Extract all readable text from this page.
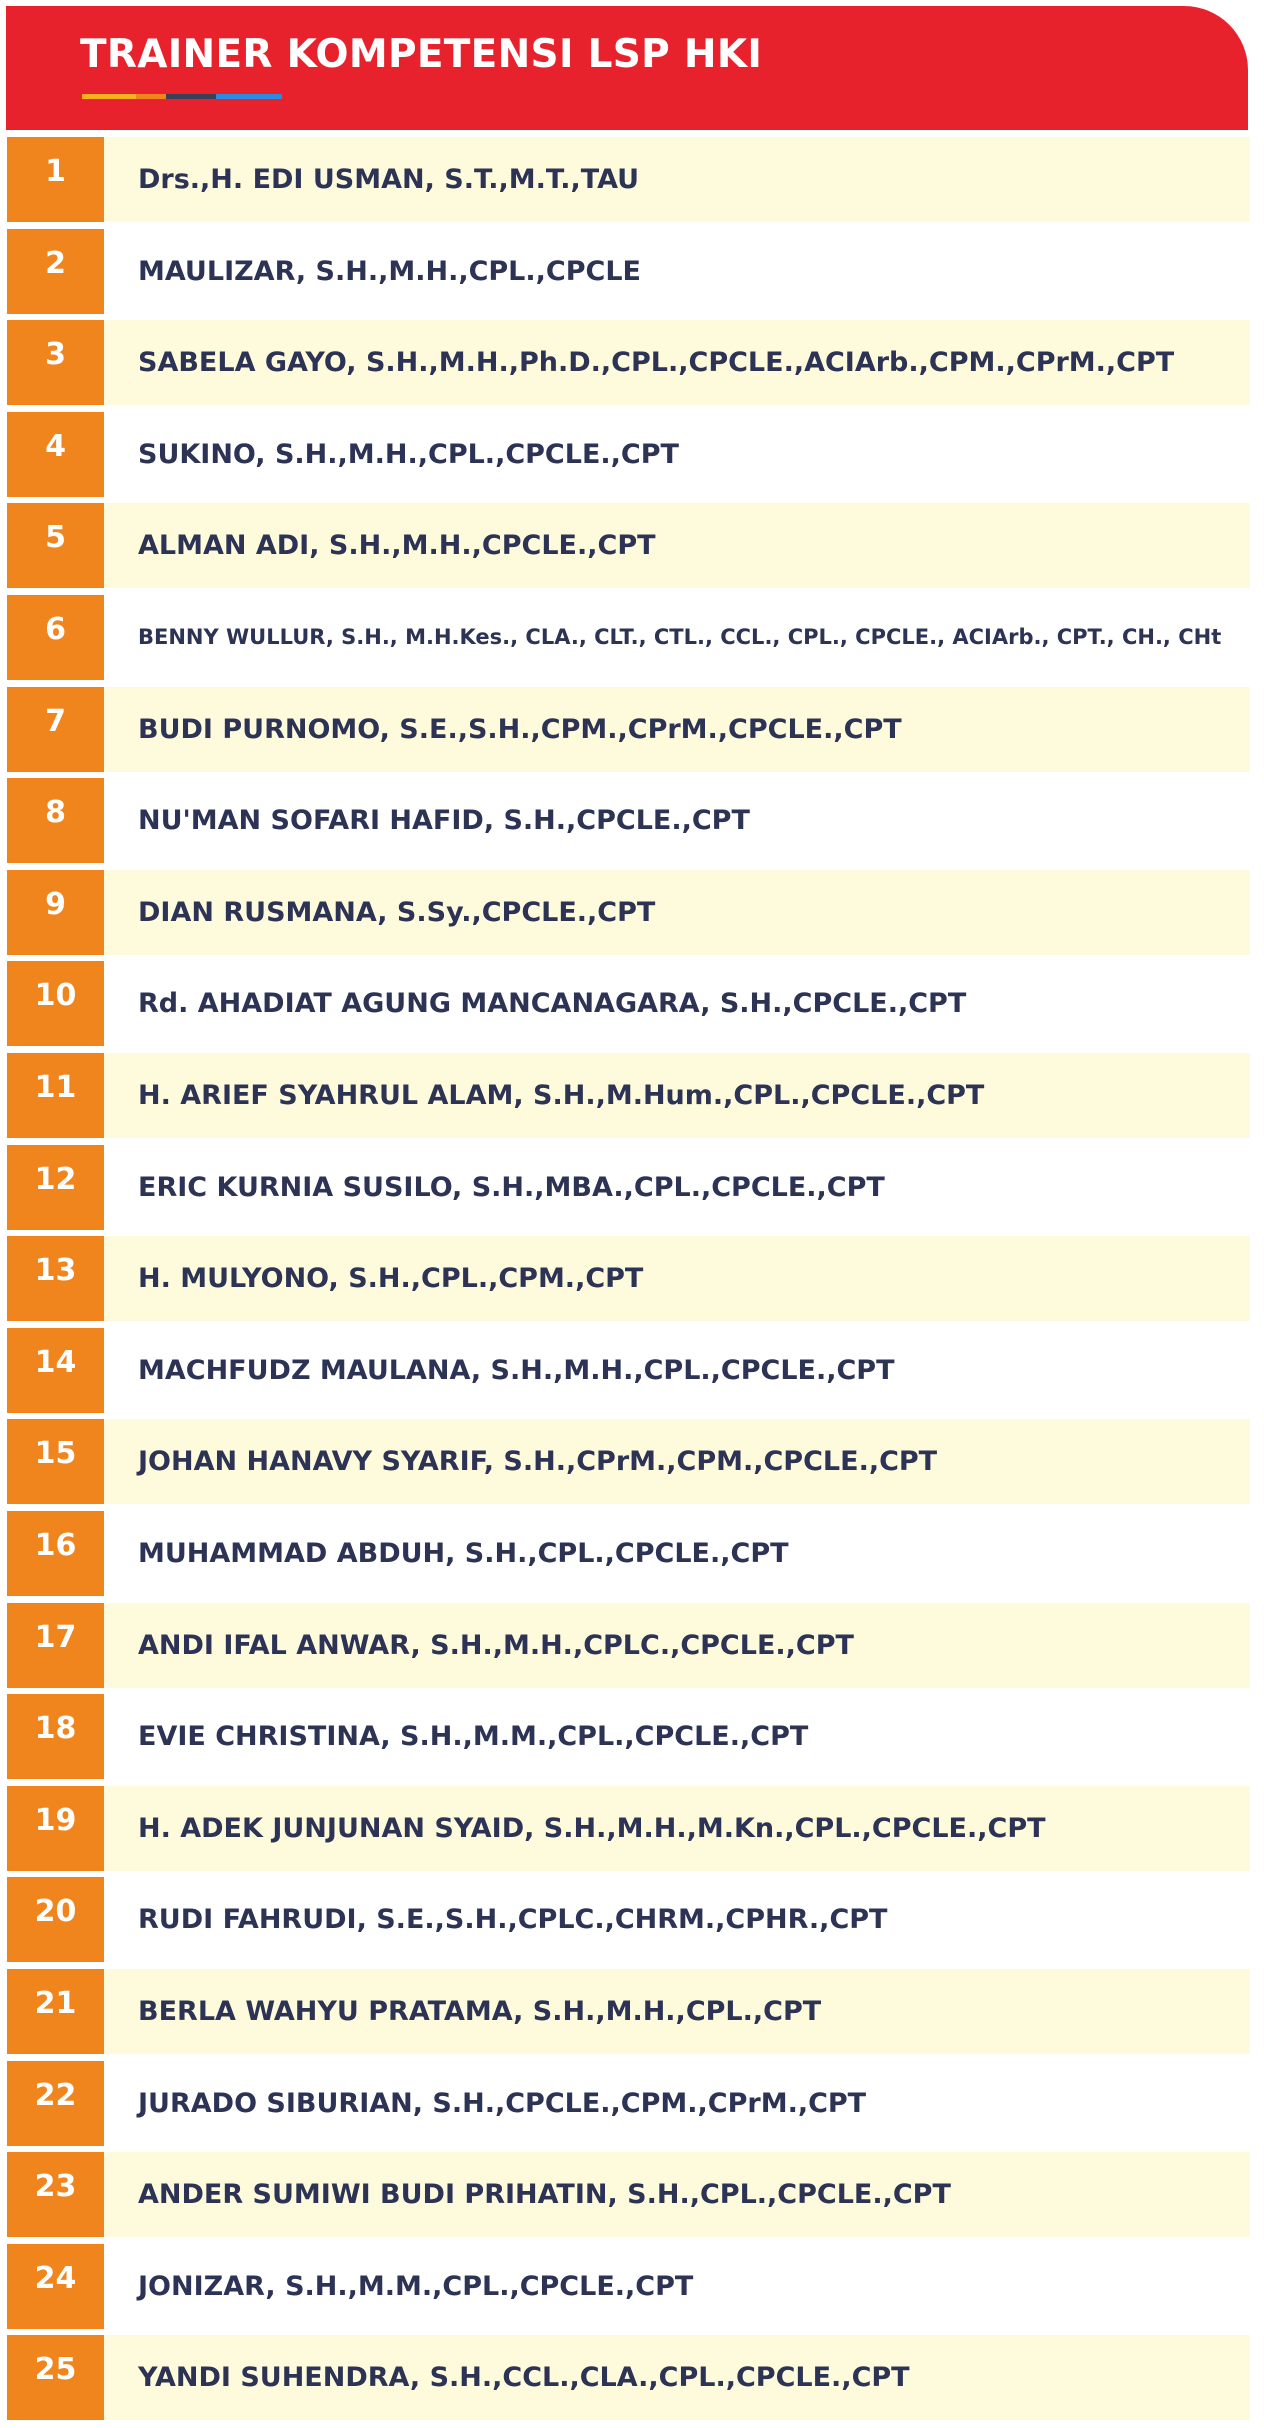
TRAINER KOMPETENSI LSP HKI
1	Drs.,H. EDI USMAN, S.T.,M.T.,TAU
2	MAULIZAR, S.H.,M.H.,CPL.,CPCLE
3	SABELA GAYO, S.H.,M.H.,Ph.D.,CPL.,CPCLE.,ACIArb.,CPM.,CPrM.,CPT
4	SUKINO, S.H.,M.H.,CPL.,CPCLE.,CPT
5	ALMAN ADI, S.H.,M.H.,CPCLE.,CPT
6	BENNY WULLUR, S.H., M.H.Kes., CLA., CLT., CTL., CCL., CPL., CPCLE., ACIArb., CPT., CH., CHt
7	BUDI PURNOMO, S.E.,S.H.,CPM.,CPrM.,CPCLE.,CPT
8	NU'MAN SOFARI HAFID, S.H.,CPCLE.,CPT
9	DIAN RUSMANA, S.Sy.,CPCLE.,CPT
10	Rd. AHADIAT AGUNG MANCANAGARA, S.H.,CPCLE.,CPT
11	H. ARIEF SYAHRUL ALAM, S.H.,M.Hum.,CPL.,CPCLE.,CPT
12	ERIC KURNIA SUSILO, S.H.,MBA.,CPL.,CPCLE.,CPT
13	H. MULYONO, S.H.,CPL.,CPM.,CPT
14	MACHFUDZ MAULANA, S.H.,M.H.,CPL.,CPCLE.,CPT
15	JOHAN HANAVY SYARIF, S.H.,CPrM.,CPM.,CPCLE.,CPT
16	MUHAMMAD ABDUH, S.H.,CPL.,CPCLE.,CPT
17	ANDI IFAL ANWAR, S.H.,M.H.,CPLC.,CPCLE.,CPT
18	EVIE CHRISTINA, S.H.,M.M.,CPL.,CPCLE.,CPT
19	H. ADEK JUNJUNAN SYAID, S.H.,M.H.,M.Kn.,CPL.,CPCLE.,CPT
20	RUDI FAHRUDI, S.E.,S.H.,CPLC.,CHRM.,CPHR.,CPT
21	BERLA WAHYU PRATAMA, S.H.,M.H.,CPL.,CPT
22	JURADO SIBURIAN, S.H.,CPCLE.,CPM.,CPrM.,CPT
23	ANDER SUMIWI BUDI PRIHATIN, S.H.,CPL.,CPCLE.,CPT
24	JONIZAR, S.H.,M.M.,CPL.,CPCLE.,CPT
25	YANDI SUHENDRA, S.H.,CCL.,CLA.,CPL.,CPCLE.,CPT
